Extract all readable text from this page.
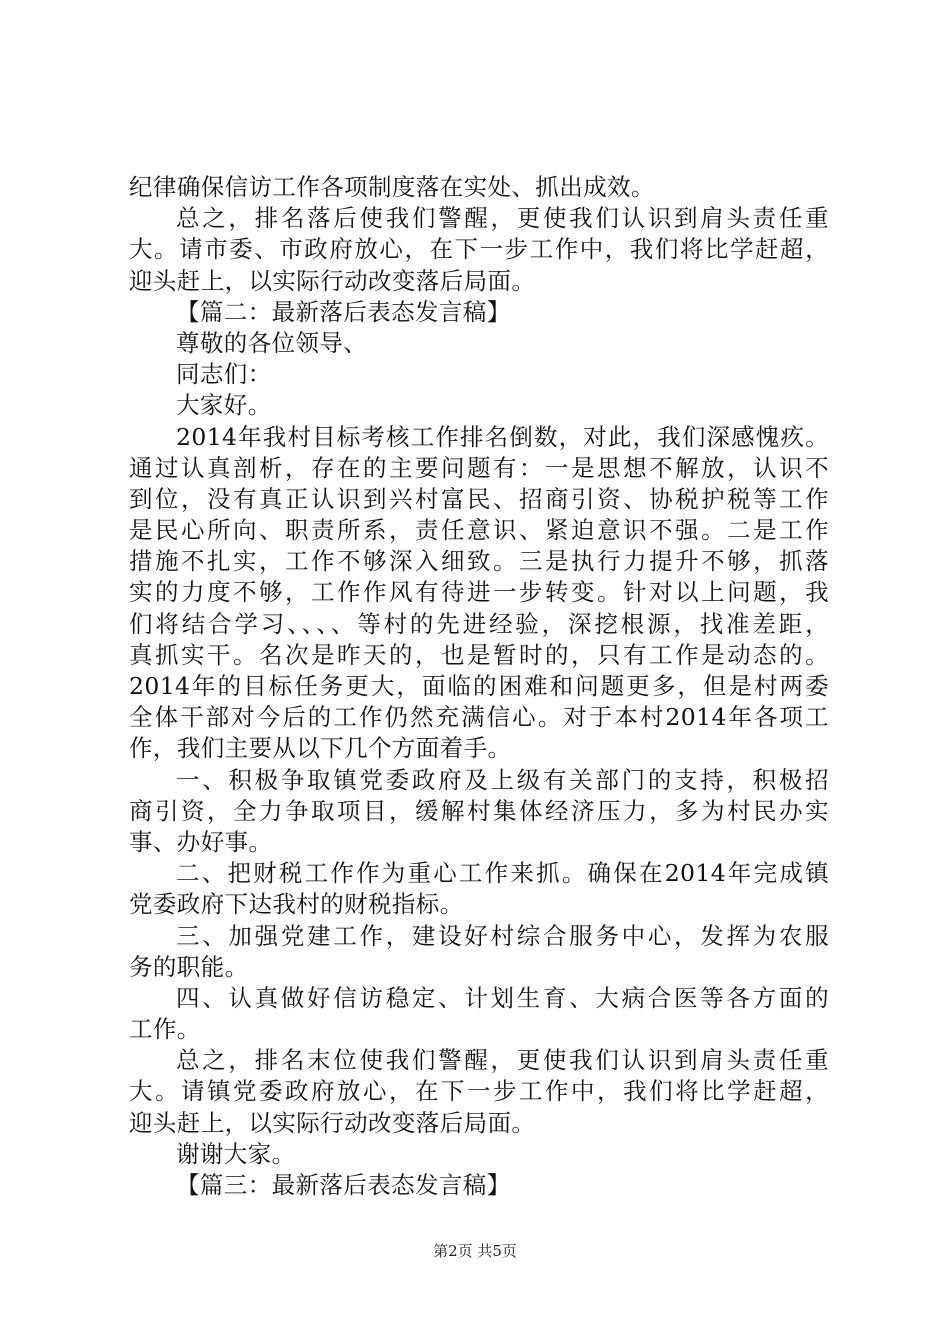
纪律确保信访工作各项制度落在实处、抓出成效。
总之，排名落后使我们警醒，更使我们认识到肩头责任重
大。请市委、市政府放心，在下一步工作中，我们将比学赶超，
迎头赶上，以实际行动改变落后局面。
【篇二：最新落后表态发言稿】
尊敬的各位领导、
同志们：
大家好。
2014年我村目标考核工作排名倒数，对此，我们深感愧疚。
通过认真剖析，存在的主要问题有：一是思想不解放，认识不
到位，没有真正认识到兴村富民、招商引资、协税护税等工作
是民心所向、职责所系，责任意识、紧迫意识不强。二是工作
措施不扎实，工作不够深入细致。三是执行力提升不够，抓落
实的力度不够，工作作风有待进一步转变。针对以上问题，我
们将结合学习、、、、等村的先进经验，深挖根源，找准差距，
真抓实干。名次是昨天的，也是暂时的，只有工作是动态的。
2014年的目标任务更大，面临的困难和问题更多，但是村两委
全体干部对今后的工作仍然充满信心。对于本村2014年各项工
作，我们主要从以下几个方面着手。
一、积极争取镇党委政府及上级有关部门的支持，积极招
商引资，全力争取项目，缓解村集体经济压力，多为村民办实
事、办好事。
二、把财税工作作为重心工作来抓。确保在2014年完成镇
党委政府下达我村的财税指标。
三、加强党建工作，建设好村综合服务中心，发挥为农服
务的职能。
四、认真做好信访稳定、计划生育、大病合医等各方面的
工作。
总之，排名末位使我们警醒，更使我们认识到肩头责任重
大。请镇党委政府放心，在下一步工作中，我们将比学赶超，
迎头赶上，以实际行动改变落后局面。
谢谢大家。
【篇三：最新落后表态发言稿】
第2页 共5页
